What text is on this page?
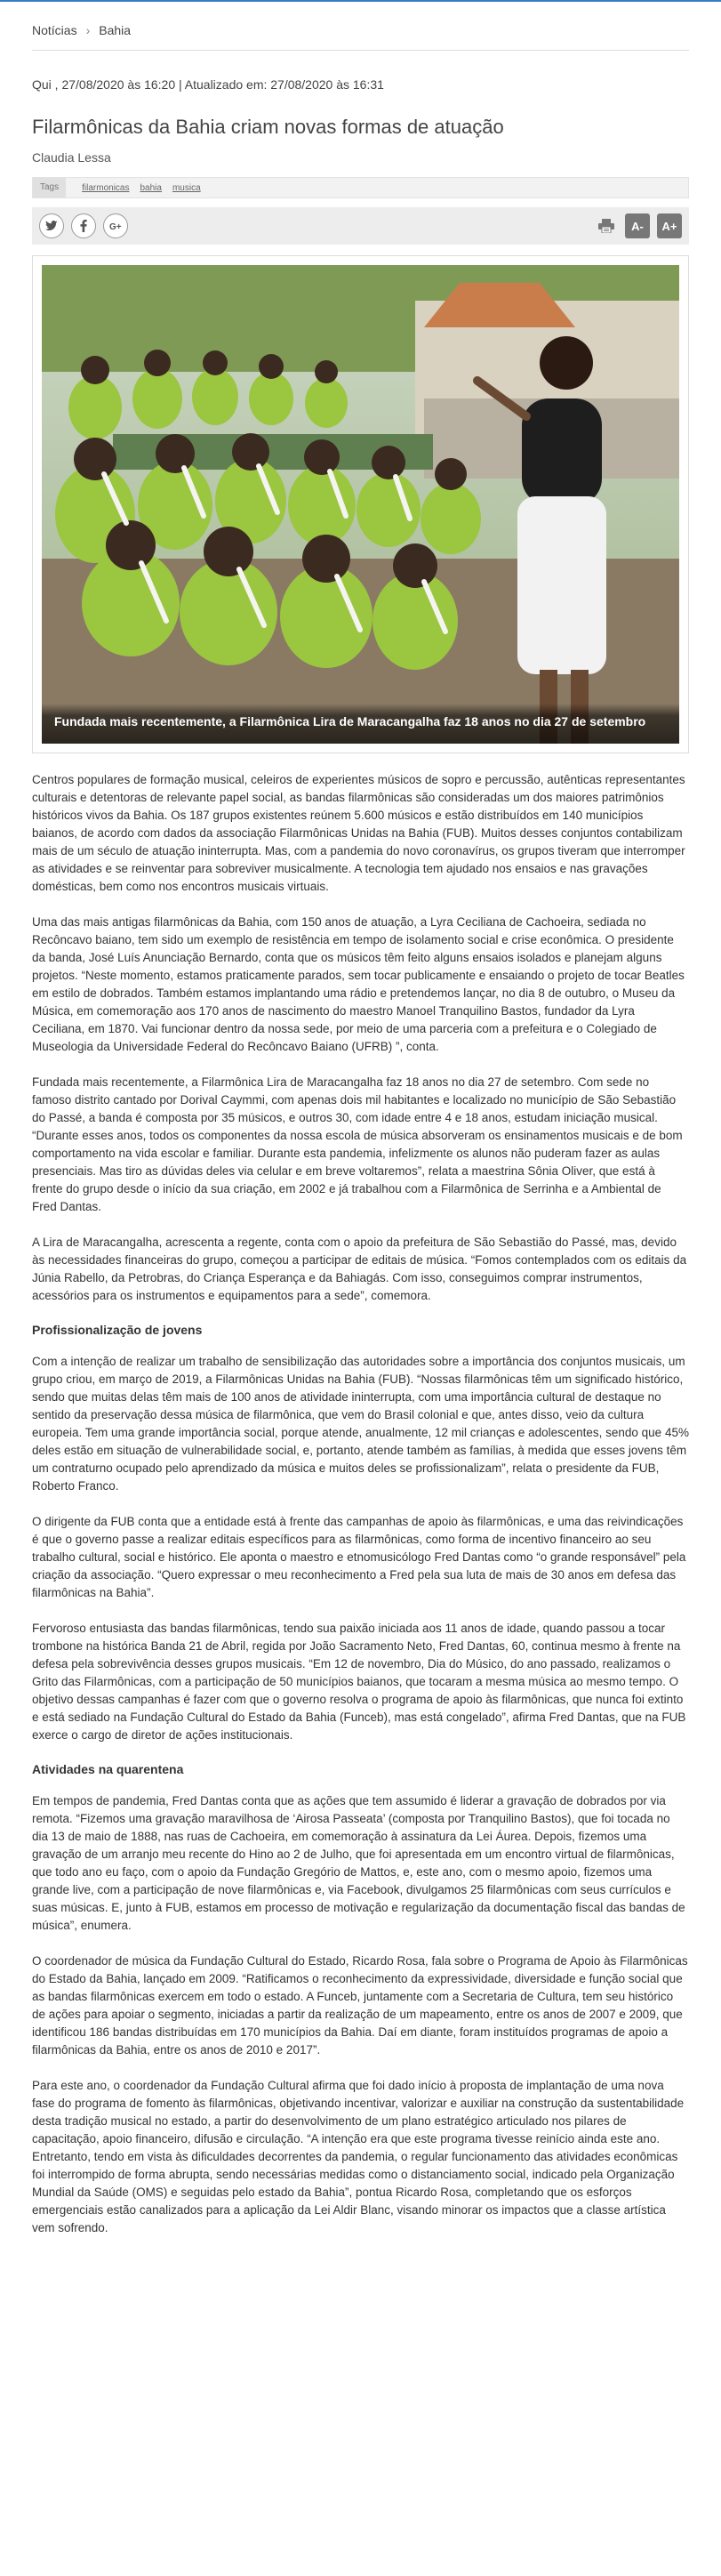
Notícias › Bahia
Qui , 27/08/2020 às 16:20 | Atualizado em: 27/08/2020 às 16:31
Filarmônicas da Bahia criam novas formas de atuação
Claudia Lessa
Tags	filarmonicas bahia musica
G+	A-	A+
Fundada mais recentemente, a Filarmônica Lira de Maracangalha faz 18 anos no dia 27 de setembro

Centros populares de formação musical, celeiros de experientes músicos de sopro e percussão, autênticas representantes culturais e detentoras de relevante papel social, as bandas filarmônicas são consideradas um dos maiores patrimônios históricos vivos da Bahia. Os 187 grupos existentes reúnem 5.600 músicos e estão distribuídos em 140 municípios baianos, de acordo com dados da associação Filarmônicas Unidas na Bahia (FUB). Muitos desses conjuntos contabilizam mais de um século de atuação ininterrupta. Mas, com a pandemia do novo coronavírus, os grupos tiveram que interromper as atividades e se reinventar para sobreviver musicalmente. A tecnologia tem ajudado nos ensaios e nas gravações domésticas, bem como nos encontros musicais virtuais.

Uma das mais antigas filarmônicas da Bahia, com 150 anos de atuação, a Lyra Ceciliana de Cachoeira, sediada no Recôncavo baiano, tem sido um exemplo de resistência em tempo de isolamento social e crise econômica. O presidente da banda, José Luís Anunciação Bernardo, conta que os músicos têm feito alguns ensaios isolados e planejam alguns projetos. “Neste momento, estamos praticamente parados, sem tocar publicamente e ensaiando o projeto de tocar Beatles em estilo de dobrados. Também estamos implantando uma rádio e pretendemos lançar, no dia 8 de outubro, o Museu da Música, em comemoração aos 170 anos de nascimento do maestro Manoel Tranquilino Bastos, fundador da Lyra Ceciliana, em 1870. Vai funcionar dentro da nossa sede, por meio de uma parceria com a prefeitura e o Colegiado de Museologia da Universidade Federal do Recôncavo Baiano (UFRB) ”, conta.

Fundada mais recentemente, a Filarmônica Lira de Maracangalha faz 18 anos no dia 27 de setembro. Com sede no famoso distrito cantado por Dorival Caymmi, com apenas dois mil habitantes e localizado no município de São Sebastião do Passé, a banda é composta por 35 músicos, e outros 30, com idade entre 4 e 18 anos, estudam iniciação musical. “Durante esses anos, todos os componentes da nossa escola de música absorveram os ensinamentos musicais e de bom comportamento na vida escolar e familiar. Durante esta pandemia, infelizmente os alunos não puderam fazer as aulas presenciais. Mas tiro as dúvidas deles via celular e em breve voltaremos”, relata a maestrina Sônia Oliver, que está à frente do grupo desde o início da sua criação, em 2002 e já trabalhou com a Filarmônica de Serrinha e a Ambiental de Fred Dantas.

A Lira de Maracangalha, acrescenta a regente, conta com o apoio da prefeitura de São Sebastião do Passé, mas, devido às necessidades financeiras do grupo, começou a participar de editais de música. “Fomos contemplados com os editais da Júnia Rabello, da Petrobras, do Criança Esperança e da Bahiagás. Com isso, conseguimos comprar instrumentos, acessórios para os instrumentos e equipamentos para a sede”, comemora.

Profissionalização de jovens

Com a intenção de realizar um trabalho de sensibilização das autoridades sobre a importância dos conjuntos musicais, um grupo criou, em março de 2019, a Filarmônicas Unidas na Bahia (FUB). “Nossas filarmônicas têm um significado histórico, sendo que muitas delas têm mais de 100 anos de atividade ininterrupta, com uma importância cultural de destaque no sentido da preservação dessa música de filarmônica, que vem do Brasil colonial e que, antes disso, veio da cultura europeia. Tem uma grande importância social, porque atende, anualmente, 12 mil crianças e adolescentes, sendo que 45% deles estão em situação de vulnerabilidade social, e, portanto, atende também as famílias, à medida que esses jovens têm um contraturno ocupado pelo aprendizado da música e muitos deles se profissionalizam”, relata o presidente da FUB, Roberto Franco.

O dirigente da FUB conta que a entidade está à frente das campanhas de apoio às filarmônicas, e uma das reivindicações é que o governo passe a realizar editais específicos para as filarmônicas, como forma de incentivo financeiro ao seu trabalho cultural, social e histórico. Ele aponta o maestro e etnomusicólogo Fred Dantas como “o grande responsável” pela criação da associação. “Quero expressar o meu reconhecimento a Fred pela sua luta de mais de 30 anos em defesa das filarmônicas na Bahia”.

Fervoroso entusiasta das bandas filarmônicas, tendo sua paixão iniciada aos 11 anos de idade, quando passou a tocar trombone na histórica Banda 21 de Abril, regida por João Sacramento Neto, Fred Dantas, 60, continua mesmo à frente na defesa pela sobrevivência desses grupos musicais. “Em 12 de novembro, Dia do Músico, do ano passado, realizamos o Grito das Filarmônicas, com a participação de 50 municípios baianos, que tocaram a mesma música ao mesmo tempo. O objetivo dessas campanhas é fazer com que o governo resolva o programa de apoio às filarmônicas, que nunca foi extinto e está sediado na Fundação Cultural do Estado da Bahia (Funceb), mas está congelado”, afirma Fred Dantas, que na FUB exerce o cargo de diretor de ações institucionais.

Atividades na quarentena

Em tempos de pandemia, Fred Dantas conta que as ações que tem assumido é liderar a gravação de dobrados por via remota. “Fizemos uma gravação maravilhosa de ‘Airosa Passeata’ (composta por Tranquilino Bastos), que foi tocada no dia 13 de maio de 1888, nas ruas de Cachoeira, em comemoração à assinatura da Lei Áurea. Depois, fizemos uma gravação de um arranjo meu recente do Hino ao 2 de Julho, que foi apresentada em um encontro virtual de filarmônicas, que todo ano eu faço, com o apoio da Fundação Gregório de Mattos, e, este ano, com o mesmo apoio, fizemos uma grande live, com a participação de nove filarmônicas e, via Facebook, divulgamos 25 filarmônicas com seus currículos e suas músicas. E, junto à FUB, estamos em processo de motivação e regularização da documentação fiscal das bandas de música”, enumera.

O coordenador de música da Fundação Cultural do Estado, Ricardo Rosa, fala sobre o Programa de Apoio às Filarmônicas do Estado da Bahia, lançado em 2009. “Ratificamos o reconhecimento da expressividade, diversidade e função social que as bandas filarmônicas exercem em todo o estado. A Funceb, juntamente com a Secretaria de Cultura, tem seu histórico de ações para apoiar o segmento, iniciadas a partir da realização de um mapeamento, entre os anos de 2007 e 2009, que identificou 186 bandas distribuídas em 170 municípios da Bahia. Daí em diante, foram instituídos programas de apoio a filarmônicas da Bahia, entre os anos de 2010 e 2017”.

Para este ano, o coordenador da Fundação Cultural afirma que foi dado início à proposta de implantação de uma nova fase do programa de fomento às filarmônicas, objetivando incentivar, valorizar e auxiliar na construção da sustentabilidade desta tradição musical no estado, a partir do desenvolvimento de um plano estratégico articulado nos pilares de capacitação, apoio financeiro, difusão e circulação. “A intenção era que este programa tivesse reinício ainda este ano. Entretanto, tendo em vista às dificuldades decorrentes da pandemia, o regular funcionamento das atividades econômicas foi interrompido de forma abrupta, sendo necessárias medidas como o distanciamento social, indicado pela Organização Mundial da Saúde (OMS) e seguidas pelo estado da Bahia”, pontua Ricardo Rosa, completando que os esforços emergenciais estão canalizados para a aplicação da Lei Aldir Blanc, visando minorar os impactos que a classe artística vem sofrendo.
